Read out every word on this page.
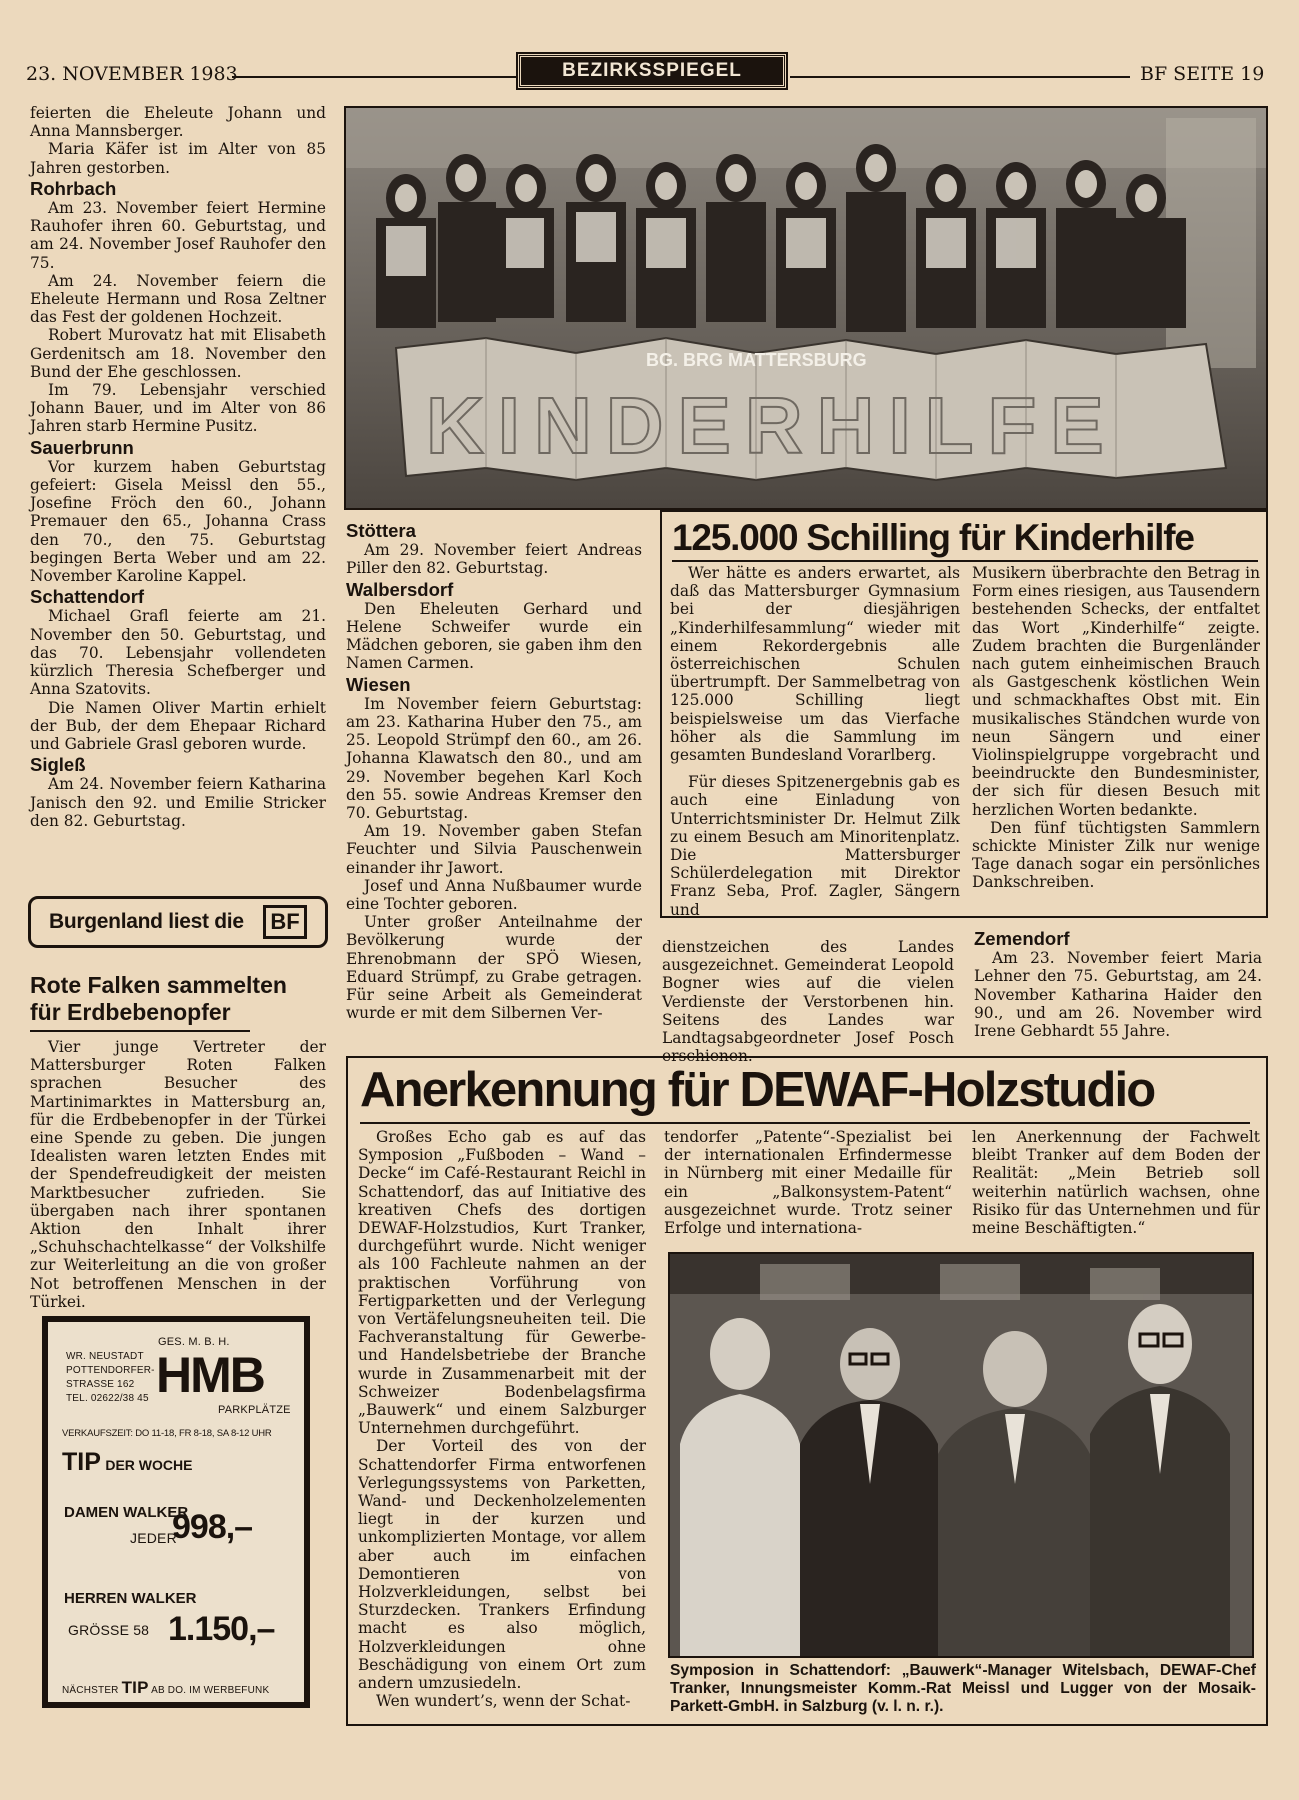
23. NOVEMBER 1983	BEZIRKSSPIEGEL	BF SEITE 19

feierten die Eheleute Johann und Anna Mannsberger.

Maria Käfer ist im Alter von 85 Jahren gestorben.

Rohrbach

Am 23. November feiert Hermine Rauhofer ihren 60. Geburtstag, und am 24. November Josef Rauhofer den 75.

Am 24. November feiern die Eheleute Hermann und Rosa Zeltner das Fest der goldenen Hochzeit.

Robert Murovatz hat mit Elisabeth Gerdenitsch am 18. November den Bund der Ehe geschlossen.

Im 79. Lebensjahr verschied Johann Bauer, und im Alter von 86 Jahren starb Hermine Pusitz.

Sauerbrunn

Vor kurzem haben Geburtstag gefeiert: Gisela Meissl den 55., Josefine Fröch den 60., Johann Premauer den 65., Johanna Crass den 70., den 75. Geburtstag begingen Berta Weber und am 22. November Karoline Kappel.

Schattendorf

Michael Grafl feierte am 21. November den 50. Geburtstag, und das 70. Lebensjahr vollendeten kürzlich Theresia Schefberger und Anna Szatovits.

Die Namen Oliver Martin erhielt der Bub, der dem Ehepaar Richard und Gabriele Grasl geboren wurde.

Sigleß

Am 24. November feiern Katharina Janisch den 92. und Emilie Stricker den 82. Geburtstag.

Burgenland liest die	BF
Rote Falken sammelten
für Erdbebenopfer

Vier junge Vertreter der Mattersburger Roten Falken sprachen Besucher des Martinimarktes in Mattersburg an, für die Erdbebenopfer in der Türkei eine Spende zu geben. Die jungen Idealisten waren letzten Endes mit der Spendefreudigkeit der meisten Marktbesucher zufrieden. Sie übergaben nach ihrer spontanen Aktion den Inhalt ihrer „Schuhschachtelkasse“ der Volkshilfe zur Weiterleitung an die von großer Not betroffenen Menschen in der Türkei.

WR. NEUSTADT
POTTENDORFER-
STRASSE 162
TEL. 02622/38 45
GES. M. B. H.
HMB
PARKPLÄTZE
VERKAUFSZEIT: DO 11-18, FR 8-18, SA 8-12 UHR
TIP DER WOCHE
DAMEN WALKER
JEDER
998,–
HERREN WALKER
GRÖSSE 58 1.150,–
NÄCHSTER TIP AB DO. IM WERBEFUNK
BG. BRG MATTERSBURG
KINDERHILFE
Stöttera

Am 29. November feiert Andreas Piller den 82. Geburtstag.

Walbersdorf

Den Eheleuten Gerhard und Helene Schweifer wurde ein Mädchen geboren, sie gaben ihm den Namen Carmen.

Wiesen

Im November feiern Geburtstag: am 23. Katharina Huber den 75., am 25. Leopold Strümpf den 60., am 26. Johanna Klawatsch den 80., und am 29. November begehen Karl Koch den 55. sowie Andreas Kremser den 70. Geburtstag.

Am 19. November gaben Stefan Feuchter und Silvia Pauschenwein einander ihr Jawort.

Josef und Anna Nußbaumer wurde eine Tochter geboren.

Unter großer Anteilnahme der Bevölkerung wurde der Ehrenobmann der SPÖ Wiesen, Eduard Strümpf, zu Grabe getragen. Für seine Arbeit als Gemeinderat wurde er mit dem Silbernen Ver-

125.000 Schilling für Kinderhilfe

Wer hätte es anders erwartet, als daß das Mattersburger Gymnasium bei der diesjährigen „Kinderhilfesammlung“ wieder mit einem Rekordergebnis alle österreichischen Schulen übertrumpft. Der Sammelbetrag von 125.000 Schilling liegt beispielsweise um das Vierfache höher als die Sammlung im gesamten Bundesland Vorarlberg.

Für dieses Spitzenergebnis gab es auch eine Einladung von Unterrichtsminister Dr. Helmut Zilk zu einem Besuch am Minoritenplatz. Die Mattersburger Schülerdelegation mit Direktor Franz Seba, Prof. Zagler, Sängern und

Musikern überbrachte den Betrag in Form eines riesigen, aus Tausendern bestehenden Schecks, der entfaltet das Wort „Kinderhilfe“ zeigte. Zudem brachten die Burgenländer nach gutem einheimischen Brauch als Gastgeschenk köstlichen Wein und schmackhaftes Obst mit. Ein musikalisches Ständchen wurde von neun Sängern und einer Violinspielgruppe vorgebracht und beeindruckte den Bundesminister, der sich für diesen Besuch mit herzlichen Worten bedankte.

Den fünf tüchtigsten Sammlern schickte Minister Zilk nur wenige Tage danach sogar ein persönliches Dankschreiben.

dienstzeichen des Landes ausgezeichnet. Gemeinderat Leopold Bogner wies auf die vielen Verdienste der Verstorbenen hin. Seitens des Landes war Landtagsabgeordneter Josef Posch erschienen.

Zemendorf

Am 23. November feiert Maria Lehner den 75. Geburtstag, am 24. November Katharina Haider den 90., und am 26. November wird Irene Gebhardt 55 Jahre.

Anerkennung für DEWAF-Holzstudio

Großes Echo gab es auf das Symposion „Fußboden – Wand – Decke“ im Café-Restaurant Reichl in Schattendorf, das auf Initiative des kreativen Chefs des dortigen DEWAF-Holzstudios, Kurt Tranker, durchgeführt wurde. Nicht weniger als 100 Fachleute nahmen an der praktischen Vorführung von Fertigparketten und der Verlegung von Vertäfelungsneuheiten teil. Die Fachveranstaltung für Gewerbe- und Handelsbetriebe der Branche wurde in Zusammenarbeit mit der Schweizer Bodenbelagsfirma „Bauwerk“ und einem Salzburger Unternehmen durchgeführt.

Der Vorteil des von der Schattendorfer Firma entworfenen Verlegungssystems von Parketten, Wand- und Deckenholzelementen liegt in der kurzen und unkomplizierten Montage, vor allem aber auch im einfachen Demontieren von Holzverkleidungen, selbst bei Sturzdecken. Trankers Erfindung macht es also möglich, Holzverkleidungen ohne Beschädigung von einem Ort zum andern umzusiedeln.

Wen wundert’s, wenn der Schat-

tendorfer „Patente“-Spezialist bei der internationalen Erfindermesse in Nürnberg mit einer Medaille für ein „Balkonsystem-Patent“ ausgezeichnet wurde. Trotz seiner Erfolge und internationa-

len Anerkennung der Fachwelt bleibt Tranker auf dem Boden der Realität: „Mein Betrieb soll weiterhin natürlich wachsen, ohne Risiko für das Unternehmen und für meine Beschäftigten.“

Symposion in Schattendorf: „Bauwerk“-Manager Witelsbach, DEWAF-Chef Tranker, Innungsmeister Komm.-Rat Meissl und Lugger von der Mosaik-Parkett-GmbH. in Salzburg (v. l. n. r.).
